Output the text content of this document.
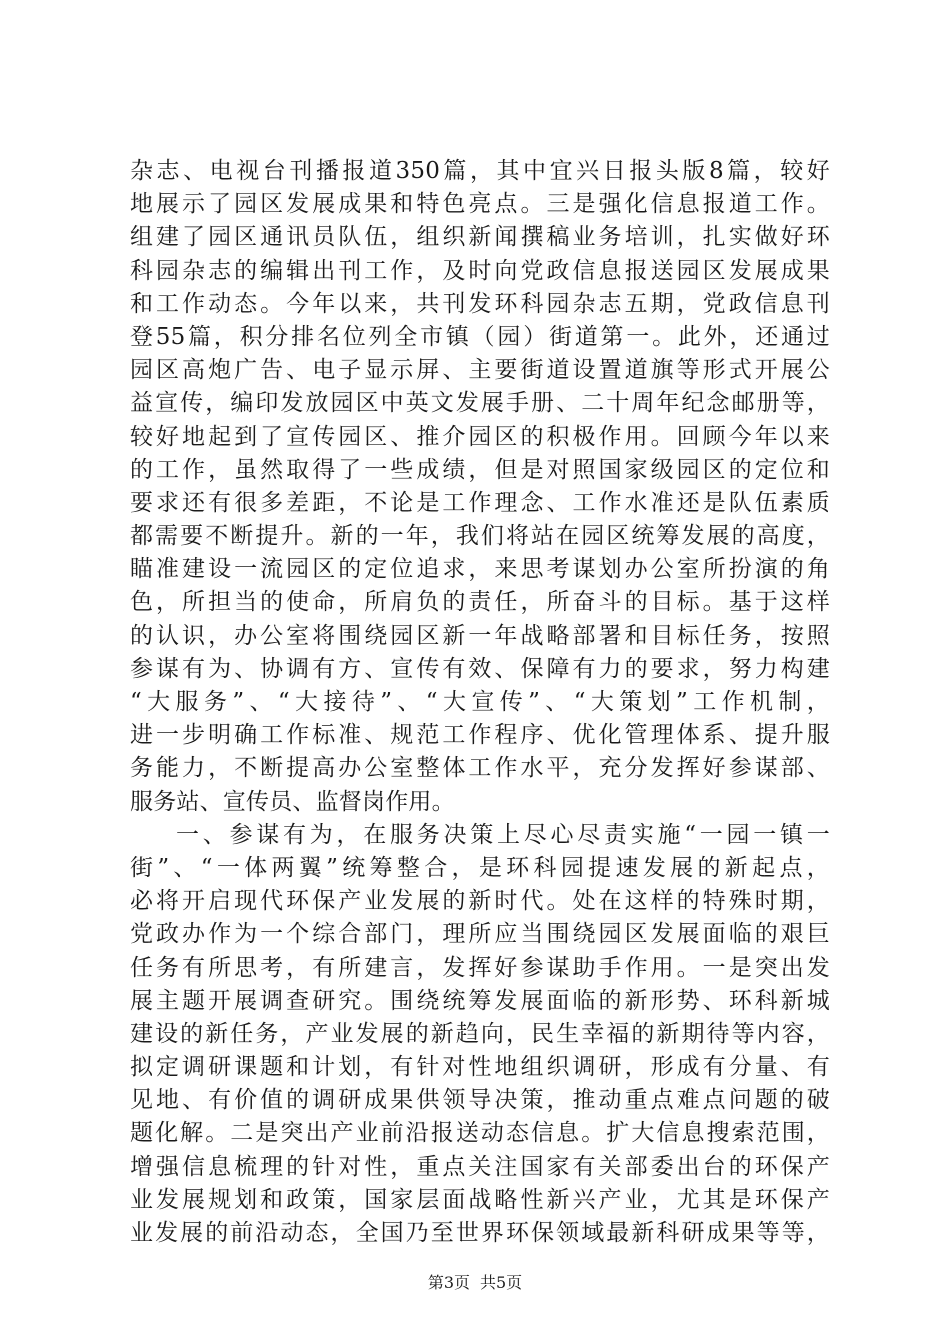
杂志、电视台刊播报道350篇，其中宜兴日报头版8篇，较好
地展示了园区发展成果和特色亮点。三是强化信息报道工作。
组建了园区通讯员队伍，组织新闻撰稿业务培训，扎实做好环
科园杂志的编辑出刊工作，及时向党政信息报送园区发展成果
和工作动态。今年以来，共刊发环科园杂志五期，党政信息刊
登55篇，积分排名位列全市镇（园）街道第一。此外，还通过
园区高炮广告、电子显示屏、主要街道设置道旗等形式开展公
益宣传，编印发放园区中英文发展手册、二十周年纪念邮册等，
较好地起到了宣传园区、推介园区的积极作用。回顾今年以来
的工作，虽然取得了一些成绩，但是对照国家级园区的定位和
要求还有很多差距，不论是工作理念、工作水准还是队伍素质
都需要不断提升。新的一年，我们将站在园区统筹发展的高度，
瞄准建设一流园区的定位追求，来思考谋划办公室所扮演的角
色，所担当的使命，所肩负的责任，所奋斗的目标。基于这样
的认识，办公室将围绕园区新一年战略部署和目标任务，按照
参谋有为、协调有方、宣传有效、保障有力的要求，努力构建
“大服务”、“大接待”、“大宣传”、“大策划”工作机制，
进一步明确工作标准、规范工作程序、优化管理体系、提升服
务能力，不断提高办公室整体工作水平，充分发挥好参谋部、
服务站、宣传员、监督岗作用。
一、参谋有为，在服务决策上尽心尽责实施“一园一镇一
街”、“一体两翼”统筹整合，是环科园提速发展的新起点，
必将开启现代环保产业发展的新时代。处在这样的特殊时期，
党政办作为一个综合部门，理所应当围绕园区发展面临的艰巨
任务有所思考，有所建言，发挥好参谋助手作用。一是突出发
展主题开展调查研究。围绕统筹发展面临的新形势、环科新城
建设的新任务，产业发展的新趋向，民生幸福的新期待等内容，
拟定调研课题和计划，有针对性地组织调研，形成有分量、有
见地、有价值的调研成果供领导决策，推动重点难点问题的破
题化解。二是突出产业前沿报送动态信息。扩大信息搜索范围，
增强信息梳理的针对性，重点关注国家有关部委出台的环保产
业发展规划和政策，国家层面战略性新兴产业，尤其是环保产
业发展的前沿动态，全国乃至世界环保领域最新科研成果等等，
第3页 共5页
